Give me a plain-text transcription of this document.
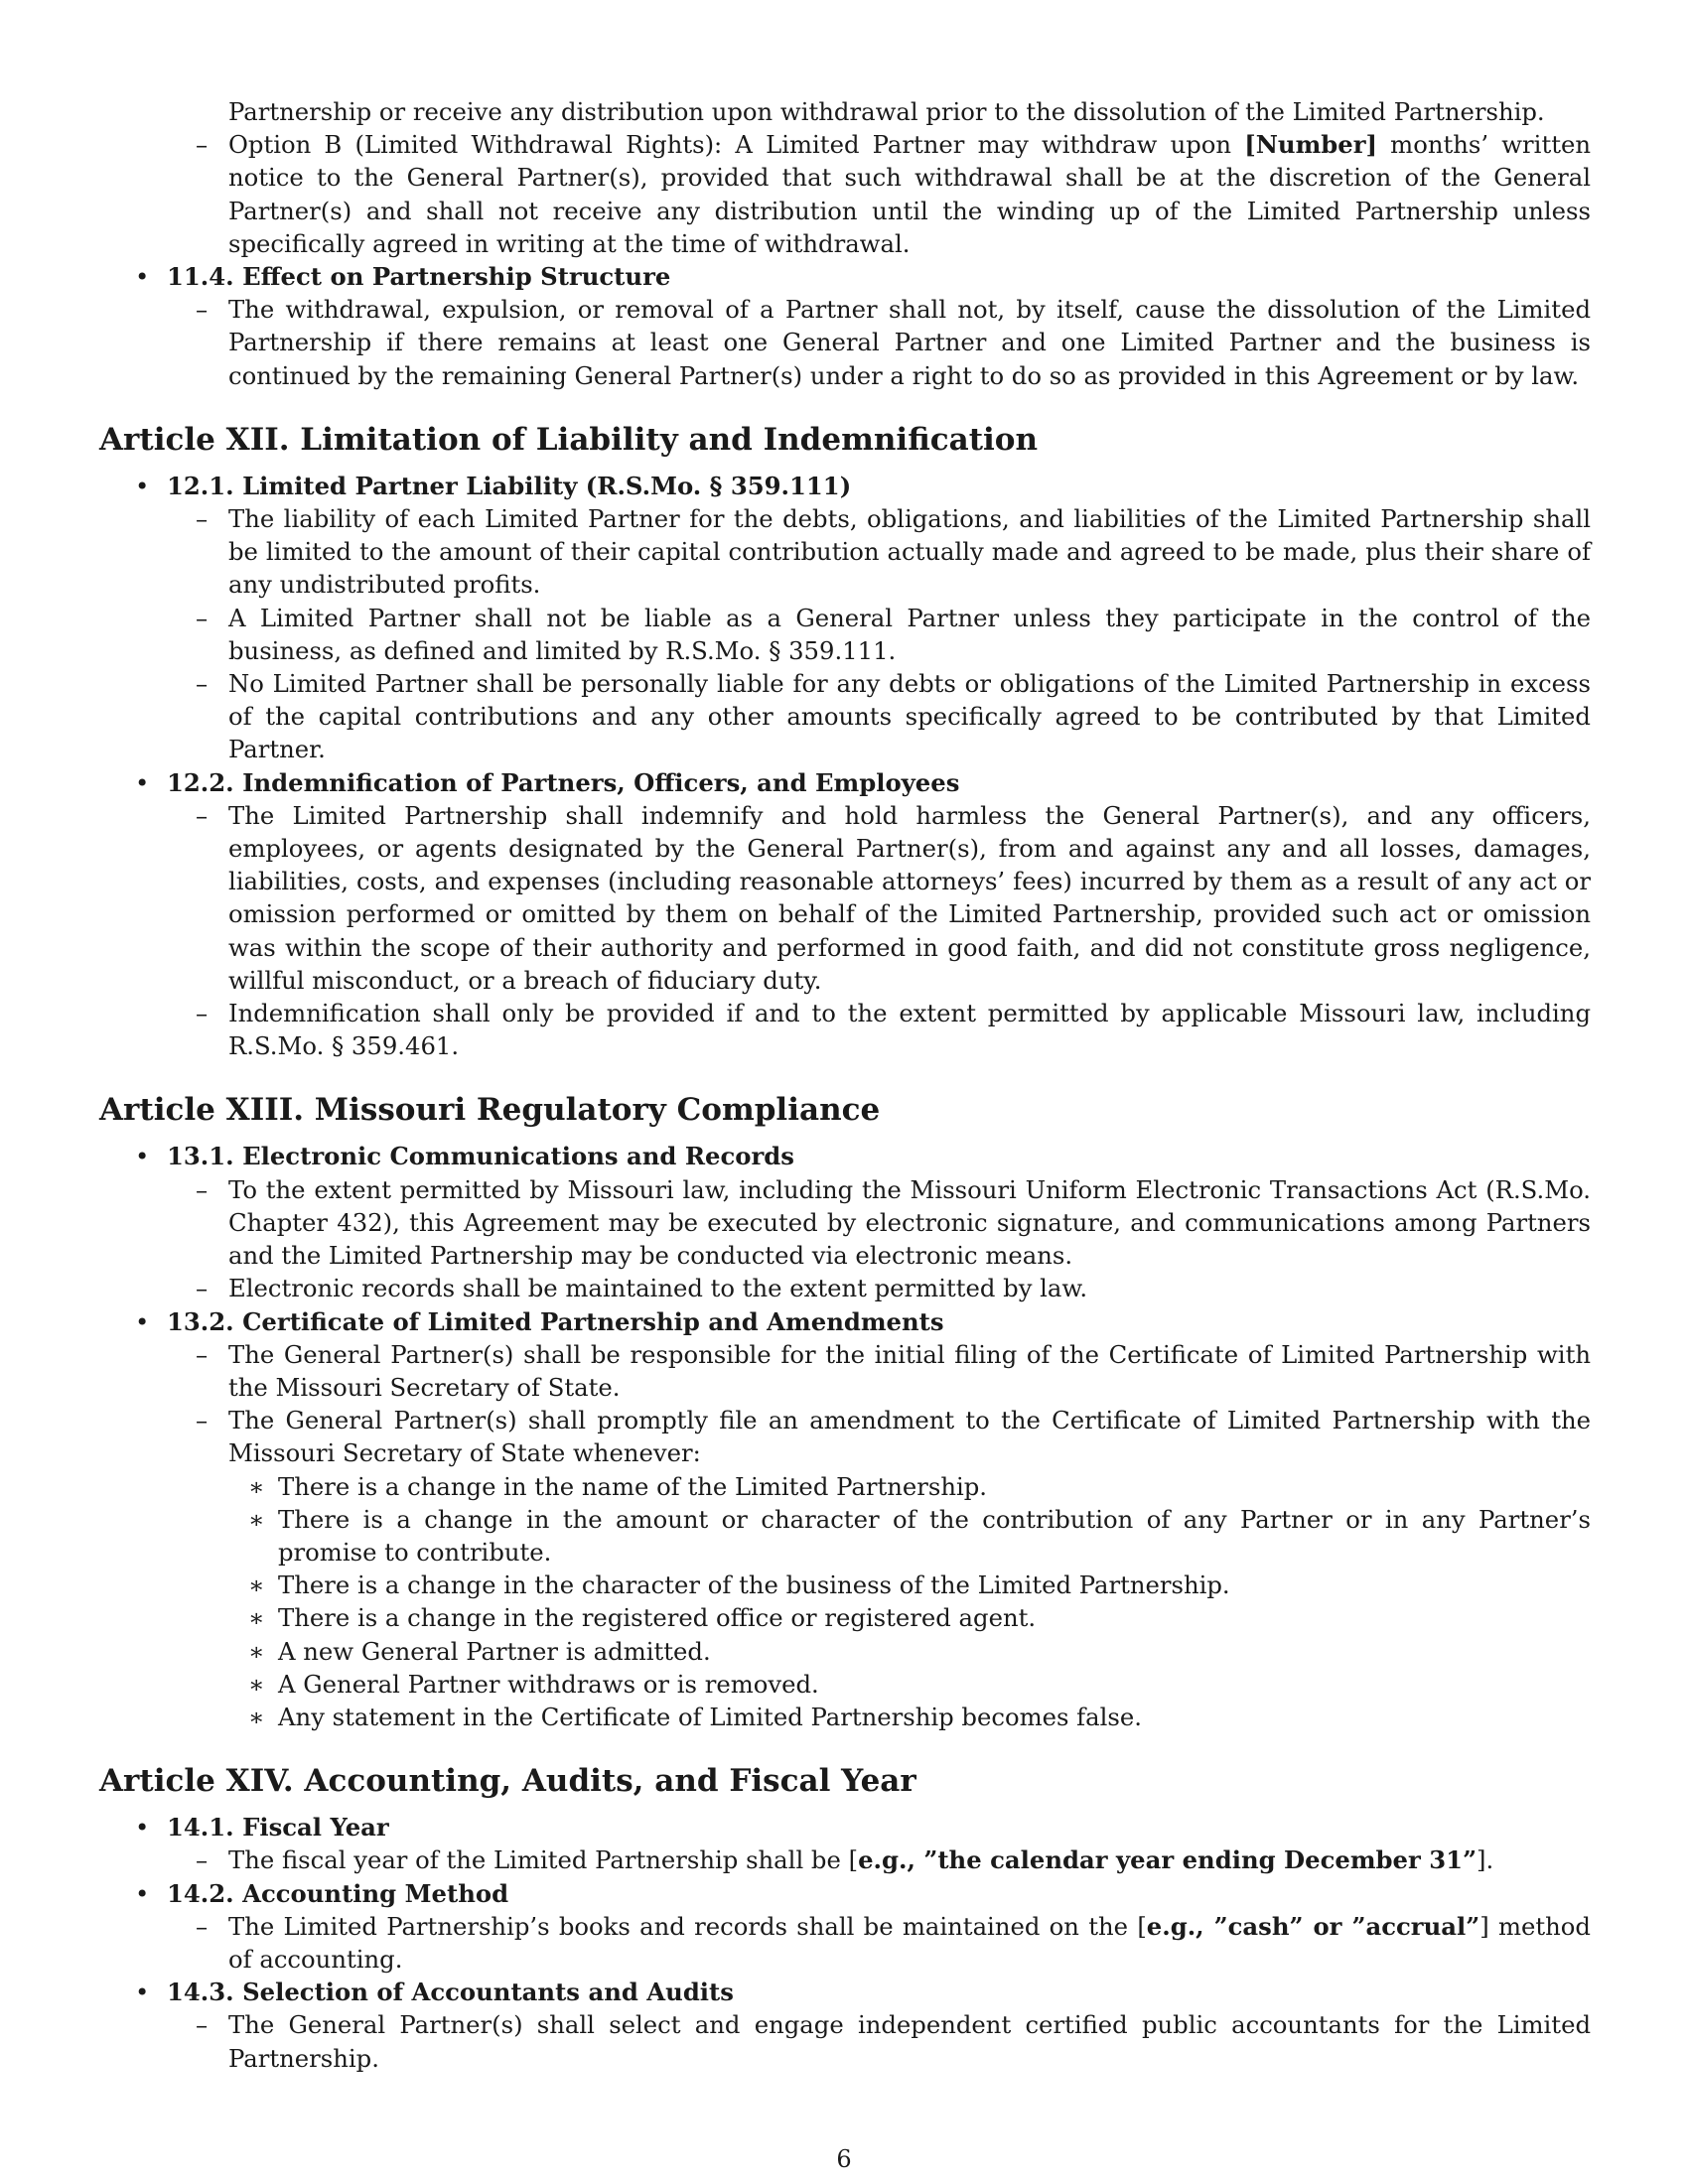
Partnership or receive any distribution upon withdrawal prior to the dissolution of the Limited Partnership.
– Option B (Limited Withdrawal Rights): A Limited Partner may withdraw upon [Number] months’ written notice to the General Partner(s), provided that such withdrawal shall be at the discretion of the General Partner(s) and shall not receive any distribution until the winding up of the Limited Partnership unless specifically agreed in writing at the time of withdrawal.
• 11.4. Effect on Partnership Structure
– The withdrawal, expulsion, or removal of a Partner shall not, by itself, cause the dissolution of the Limited Partnership if there remains at least one General Partner and one Limited Partner and the business is continued by the remaining General Partner(s) under a right to do so as provided in this Agreement or by law.
Article XII. Limitation of Liability and Indemnification
• 12.1. Limited Partner Liability (R.S.Mo. § 359.111)
– The liability of each Limited Partner for the debts, obligations, and liabilities of the Limited Partnership shall be limited to the amount of their capital contribution actually made and agreed to be made, plus their share of any undistributed profits.
– A Limited Partner shall not be liable as a General Partner unless they participate in the control of the business, as defined and limited by R.S.Mo. § 359.111.
– No Limited Partner shall be personally liable for any debts or obligations of the Limited Partnership in excess of the capital contributions and any other amounts specifically agreed to be contributed by that Limited Partner.
• 12.2. Indemnification of Partners, Officers, and Employees
– The Limited Partnership shall indemnify and hold harmless the General Partner(s), and any officers, employees, or agents designated by the General Partner(s), from and against any and all losses, damages, liabilities, costs, and expenses (including reasonable attorneys’ fees) incurred by them as a result of any act or omission performed or omitted by them on behalf of the Limited Partnership, provided such act or omission was within the scope of their authority and performed in good faith, and did not constitute gross negligence, willful misconduct, or a breach of fiduciary duty.
– Indemnification shall only be provided if and to the extent permitted by applicable Missouri law, including R.S.Mo. § 359.461.
Article XIII. Missouri Regulatory Compliance
• 13.1. Electronic Communications and Records
– To the extent permitted by Missouri law, including the Missouri Uniform Electronic Transactions Act (R.S.Mo. Chapter 432), this Agreement may be executed by electronic signature, and communications among Partners and the Limited Partnership may be conducted via electronic means.
– Electronic records shall be maintained to the extent permitted by law.
• 13.2. Certificate of Limited Partnership and Amendments
– The General Partner(s) shall be responsible for the initial filing of the Certificate of Limited Partnership with the Missouri Secretary of State.
– The General Partner(s) shall promptly file an amendment to the Certificate of Limited Partnership with the Missouri Secretary of State whenever:
∗ There is a change in the name of the Limited Partnership.
∗ There is a change in the amount or character of the contribution of any Partner or in any Partner’s promise to contribute.
∗ There is a change in the character of the business of the Limited Partnership.
∗ There is a change in the registered office or registered agent.
∗ A new General Partner is admitted.
∗ A General Partner withdraws or is removed.
∗ Any statement in the Certificate of Limited Partnership becomes false.
Article XIV. Accounting, Audits, and Fiscal Year
• 14.1. Fiscal Year
– The fiscal year of the Limited Partnership shall be [e.g., ”the calendar year ending December 31”].
• 14.2. Accounting Method
– The Limited Partnership’s books and records shall be maintained on the [e.g., ”cash” or ”accrual”] method of accounting.
• 14.3. Selection of Accountants and Audits
– The General Partner(s) shall select and engage independent certified public accountants for the Limited Partnership.
6
